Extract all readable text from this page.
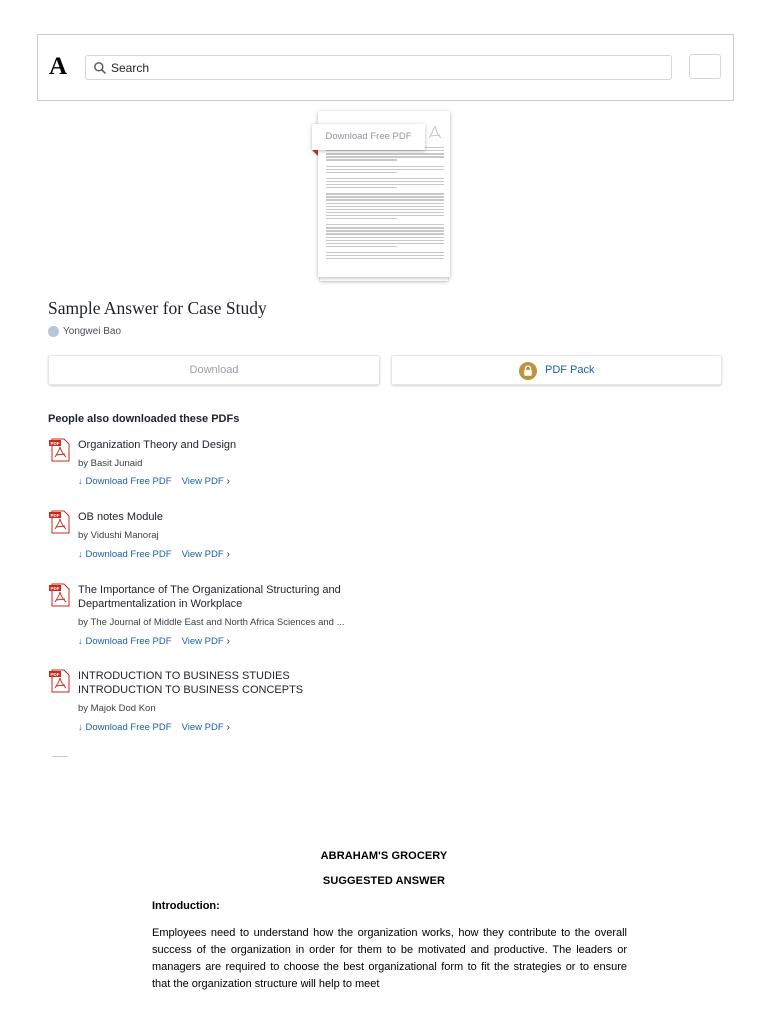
A
Search
Download Free PDF
Sample Answer for Case Study
Yongwei Bao
Download	PDF Pack
People also downloaded these PDFs
PDF Organization Theory and Design
by Basit Junaid
↓ Download Free PDF View PDF ›
PDF OB notes Module
by Vidushi Manoraj
↓ Download Free PDF View PDF ›
PDF The Importance of The Organizational Structuring and
Departmentalization in Workplace
by The Journal of Middle East and North Africa Sciences and ...
↓ Download Free PDF View PDF ›
PDF INTRODUCTION TO BUSINESS STUDIES
INTRODUCTION TO BUSINESS CONCEPTS
by Majok Dod Kon
↓ Download Free PDF View PDF ›
ABRAHAM'S GROCERY
SUGGESTED ANSWER
Introduction:
Employees need to understand how the organization works, how they contribute to the overall success of the organization in order for them to be motivated and productive. The leaders or managers are required to choose the best organizational form to fit the strategies or to ensure that the organization structure will help to meet
